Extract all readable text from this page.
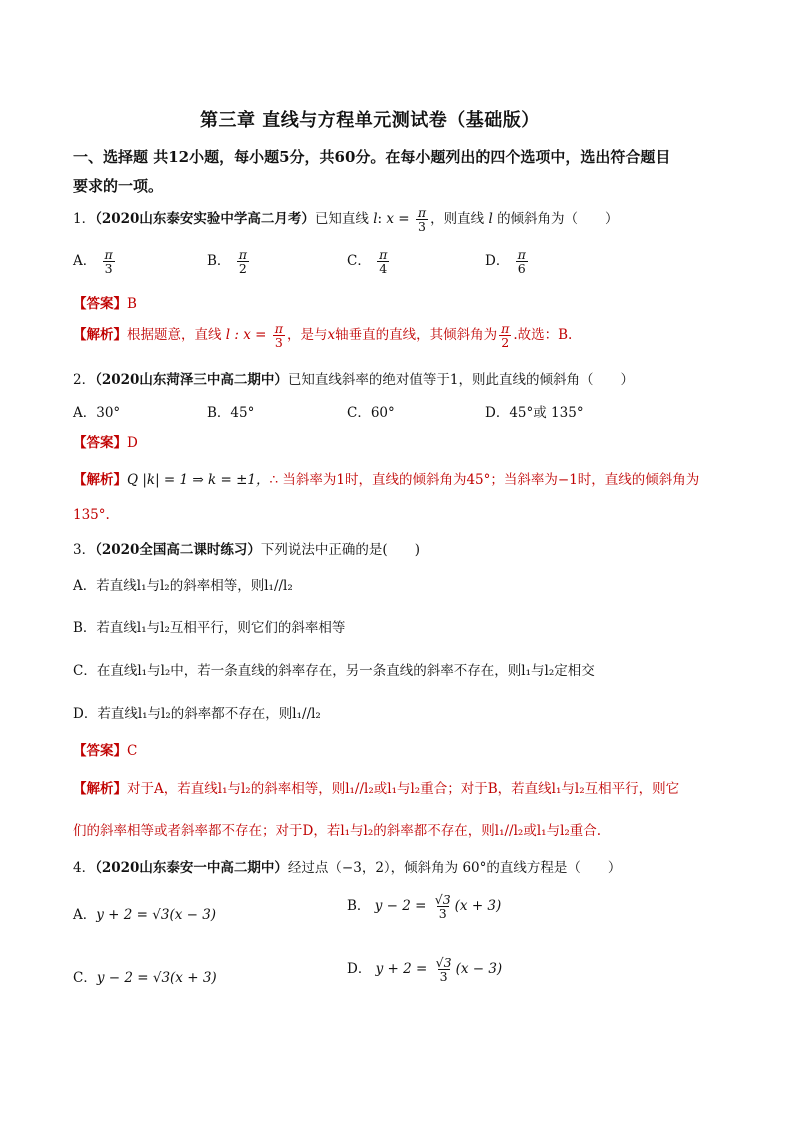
第三章 直线与方程单元测试卷（基础版）
一、选择题 共12小题，每小题5分，共60分。在每小题列出的四个选项中，选出符合题目
要求的一项。
1．（2020山东泰安实验中学高二月考）已知直线 l: $x = \frac{\pi}{3}$ ，则直线 l 的倾斜角为（　　）
A． $\frac{\pi}{3}$	B． $\frac{\pi}{2}$	C． $\frac{\pi}{4}$	D． $\frac{\pi}{6}$
【答案】B
【解析】根据题意，直线 l : $x = \frac{\pi}{3}$ ，是与x轴垂直的直线，其倾斜角为 $\frac{\pi}{2}$ .故选：B.
2．（2020山东菏泽三中高二期中）已知直线斜率的绝对值等于1，则此直线的倾斜角（　　）
A．30°	B．45°	C．60°	D．45°或 135°
【答案】D
【解析】Q |k| = 1 ⇒ k = ±1，∴ 当斜率为1时，直线的倾斜角为45°；当斜率为−1时，直线的倾斜角为
135°.
3．（2020全国高二课时练习）下列说法中正确的是(　　)
A．若直线l₁与l₂的斜率相等，则l₁//l₂
B．若直线l₁与l₂互相平行，则它们的斜率相等
C．在直线l₁与l₂中，若一条直线的斜率存在，另一条直线的斜率不存在，则l₁与l₂定相交
D．若直线l₁与l₂的斜率都不存在，则l₁//l₂
【答案】C
【解析】对于A，若直线l₁与l₂的斜率相等，则l₁//l₂或l₁与l₂重合；对于B，若直线l₁与l₂互相平行，则它
们的斜率相等或者斜率都不存在；对于D，若l₁与l₂的斜率都不存在，则l₁//l₂或l₁与l₂重合.
4．（2020山东泰安一中高二期中）经过点（−3，2），倾斜角为 60°的直线方程是（　　）
A．y + 2 = √3(x − 3)
B． $y - 2 = \frac{√3}{3} (x + 3)$
C．y − 2 = √3(x + 3)
D． $y + 2 = \frac{√3}{3} (x - 3)$
